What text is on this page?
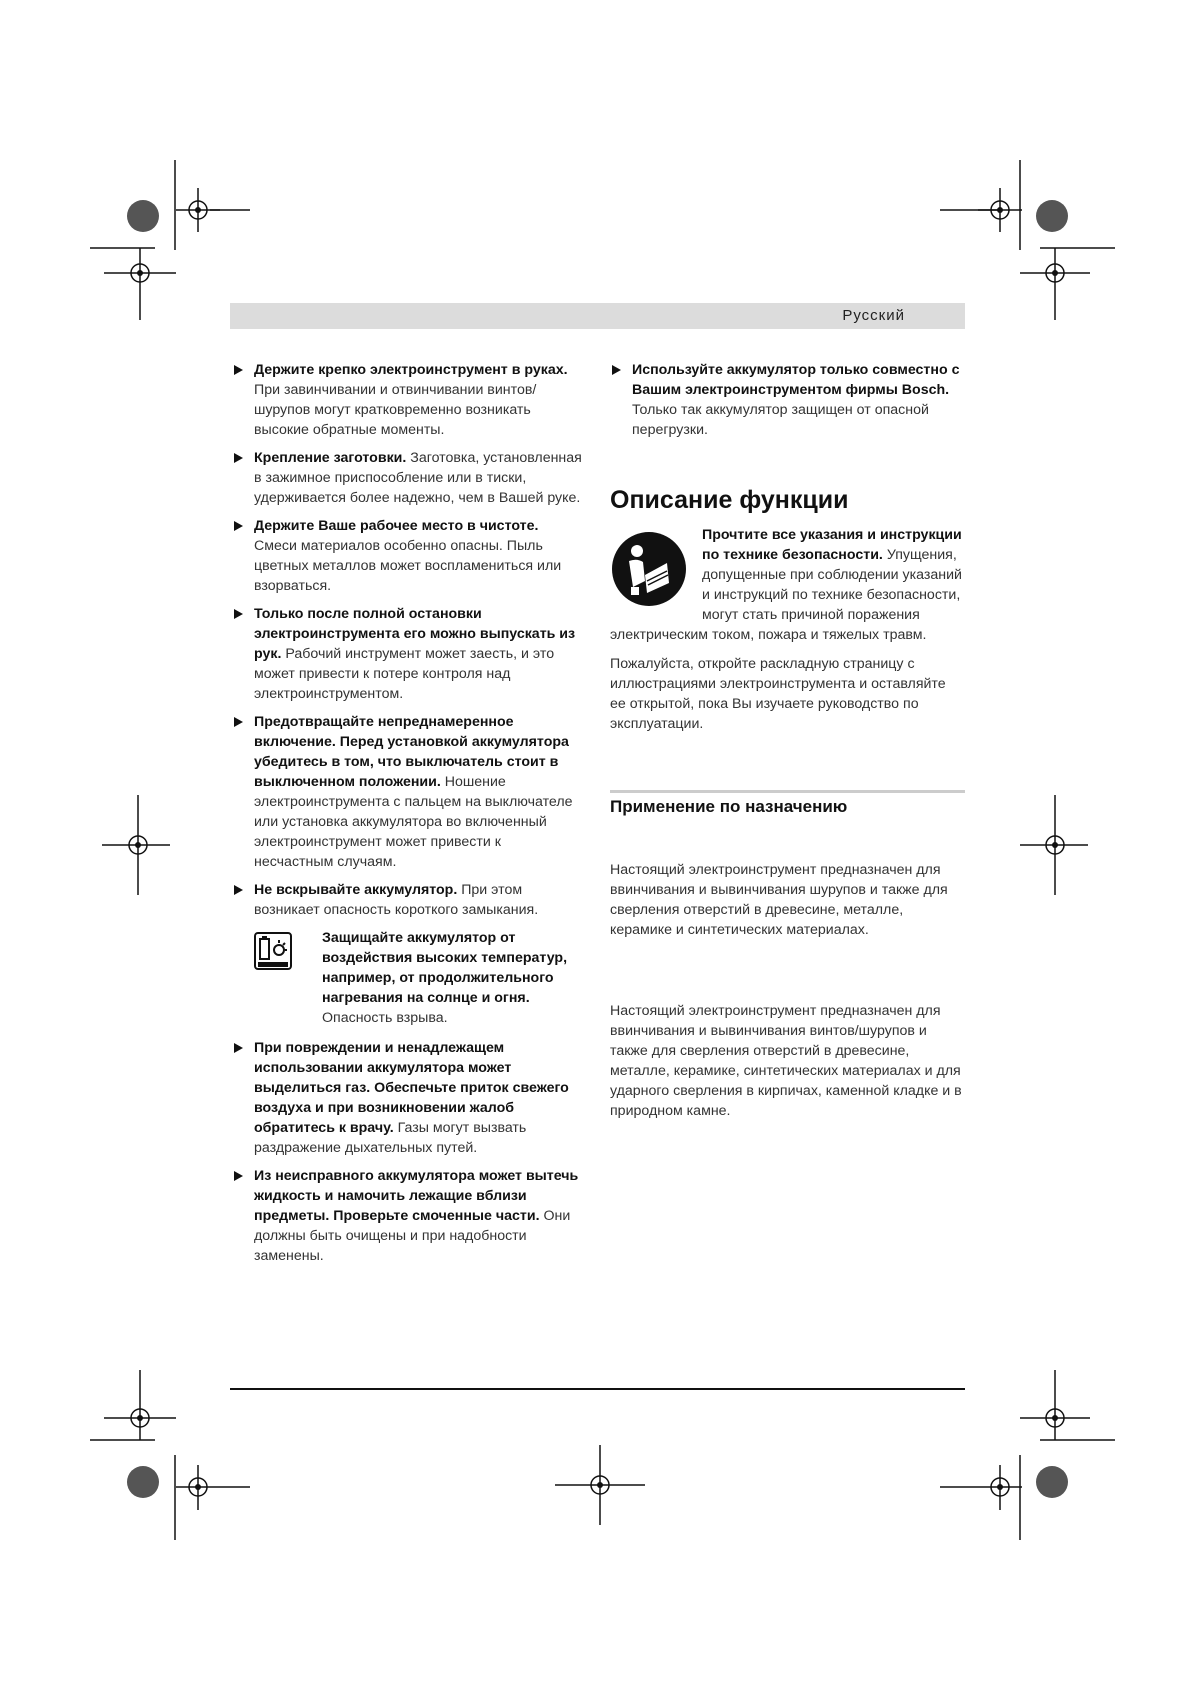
Русский
Держите крепко электроинструмент в руках. При завинчивании и отвинчивании винтов/шурупов могут кратковременно возникать высокие обратные моменты.
Крепление заготовки. Заготовка, установленная в зажимное приспособление или в тиски, удерживается более надежно, чем в Вашей руке.
Держите Ваше рабочее место в чистоте. Смеси материалов особенно опасны. Пыль цветных металлов может воспламениться или взорваться.
Только после полной остановки электроинструмента его можно выпускать из рук. Рабочий инструмент может заесть, и это может привести к потере контроля над электроинструментом.
Предотвращайте непреднамеренное включение. Перед установкой аккумулятора убедитесь в том, что выключатель стоит в выключенном положении. Ношение электроинструмента с пальцем на выключателе или установка аккумулятора во включенный электроинструмент может привести к несчастным случаям.
Не вскрывайте аккумулятор. При этом возникает опасность короткого замыкания.
Защищайте аккумулятор от воздействия высоких температур, например, от продолжительного нагревания на солнце и огня. Опасность взрыва.
При повреждении и ненадлежащем использовании аккумулятора может выделиться газ. Обеспечьте приток свежего воздуха и при возникновении жалоб обратитесь к врачу. Газы могут вызвать раздражение дыхательных путей.
Из неисправного аккумулятора может вытечь жидкость и намочить лежащие вблизи предметы. Проверьте смоченные части. Они должны быть очищены и при надобности заменены.
Используйте аккумулятор только совместно с Вашим электроинструментом фирмы Bosch. Только так аккумулятор защищен от опасной перегрузки.
Описание функции

Прочтите все указания и инструкции по технике безопасности. Упущения, допущенные при соблюдении указаний и инструкций по технике безопасности, могут стать причиной поражения электрическим током, пожара и тяжелых травм.

Пожалуйста, откройте раскладную страницу с иллюстрациями электроинструмента и оставляйте ее открытой, пока Вы изучаете руководство по эксплуатации.

Применение по назначению
Настоящий электроинструмент предназначен для ввинчивания и вывинчивания шурупов и также для сверления отверстий в древесине, металле, керамике и синтетических материалах.
Настоящий электроинструмент предназначен для ввинчивания и вывинчивания винтов/шурупов и также для сверления отверстий в древесине, металле, керамике, синтетических материалах и для ударного сверления в кирпичах, каменной кладке и в природном камне.
